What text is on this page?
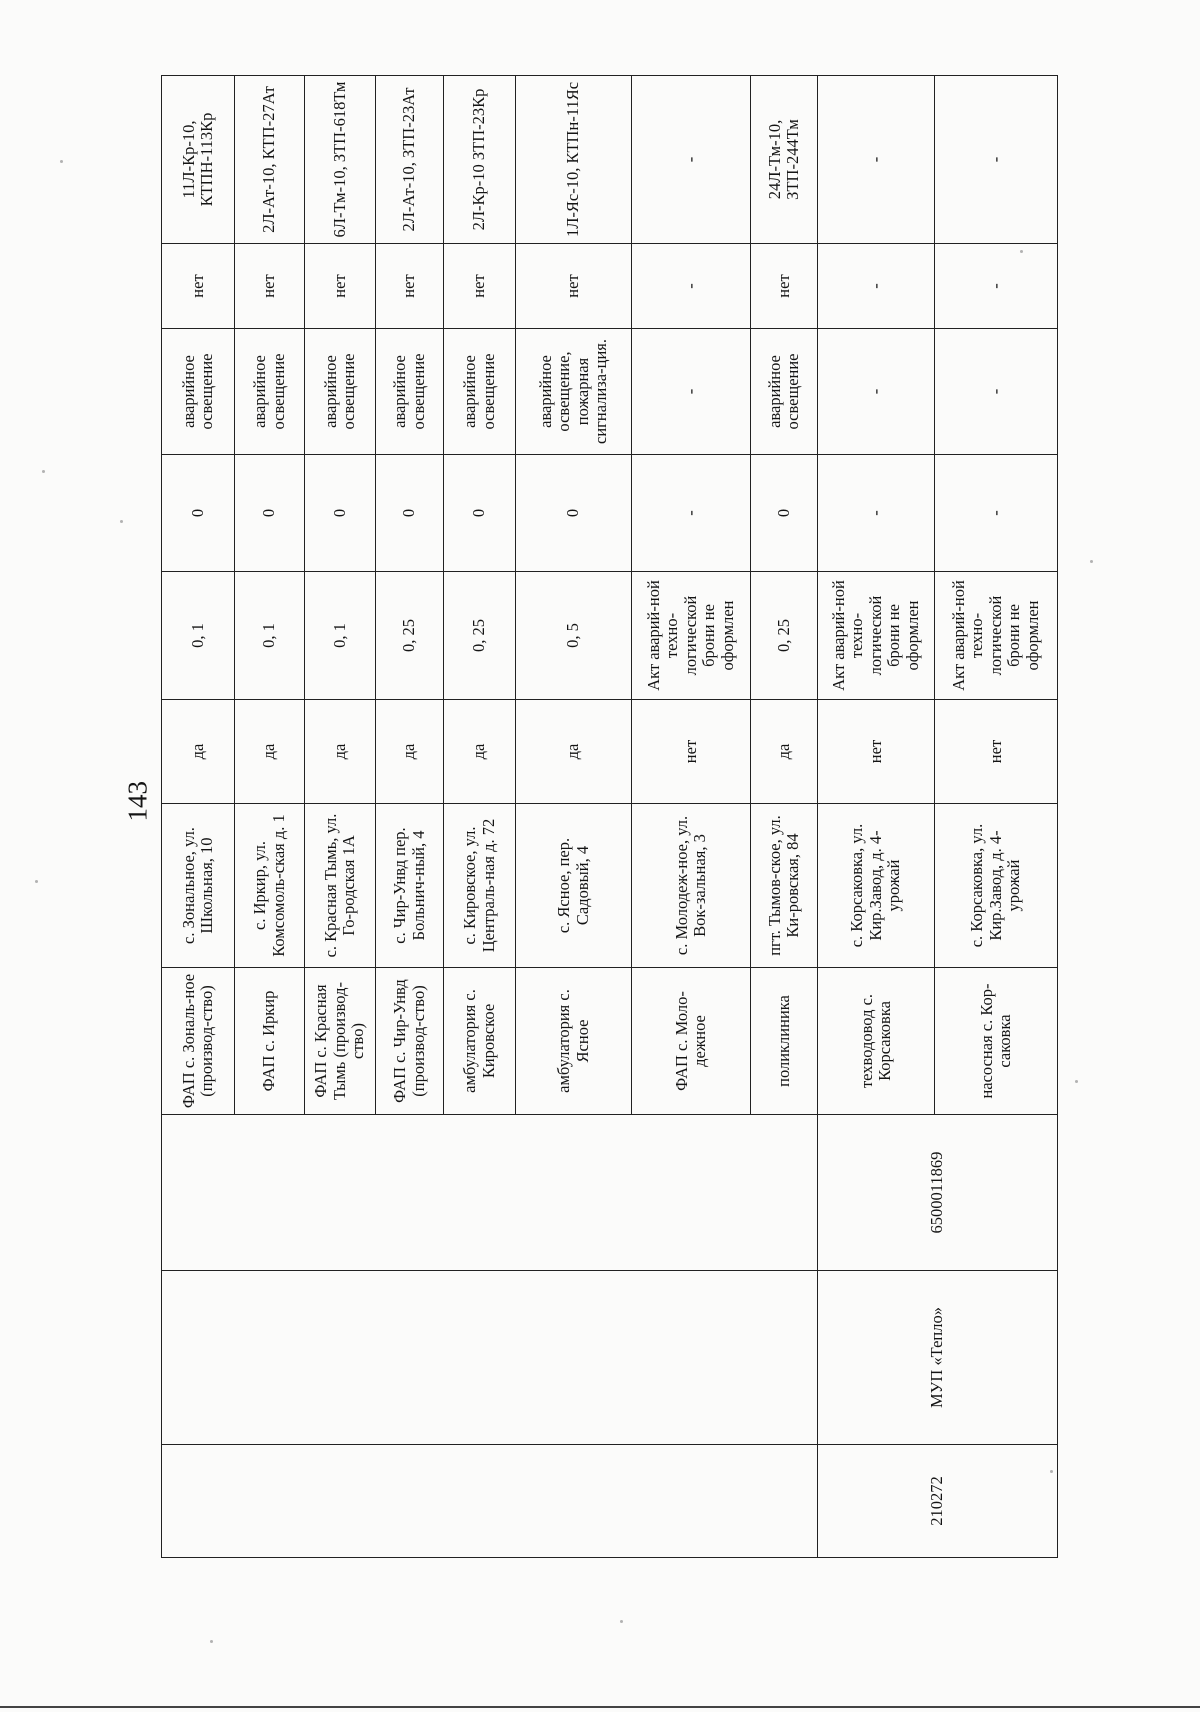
143
			ФАП с. Зональ-ное (производ-ство)	с. Зональное, ул. Школьная, 10	да	0, 1	0	аварийное освещение	нет	11Л-Кр-10, КТПН-113Кр
			ФАП с. Иркир	с. Иркир, ул. Комсомоль-ская д. 1	да	0, 1	0	аварийное освещение	нет	2Л-Ат-10, КТП-27Ат
			ФАП с. Красная Тымь (производ-ство)	с. Красная Тымь, ул. Го-родская 1А	да	0, 1	0	аварийное освещение	нет	6Л-Тм-10, ЗТП-618Тм
			ФАП с. Чир-Унвд (производ-ство)	с. Чир-Унвд пер. Больнич-ный, 4	да	0, 25	0	аварийное освещение	нет	2Л-Ат-10, ЗТП-23Ат
			амбулатория с. Кировское	с. Кировское, ул. Централь-ная д. 72	да	0, 25	0	аварийное освещение	нет	2Л-Кр-10 ЗТП-23Кр
			амбулатория с. Ясное	с. Ясное, пер. Садовый, 4	да	0, 5	0	аварийное освещение, пожарная сигнализа-ция.	нет	1Л-Яс-10, КТПн-11Яс
			ФАП с. Моло-дежное	с. Молодеж-ное, ул. Вок-зальная, 3	нет	Акт аварий-ной техно-логической брони не оформлен	-	-	-	-
			поликлиника	пгт. Тымов-ское, ул. Ки-ровская, 84	да	0, 25	0	аварийное освещение	нет	24Л-Тм-10, ЗТП-244Тм
210272	МУП «Тепло»	6500011869	техводовод с. Корсаковка	с. Корсаковка, ул. Кир.Завод, д. 4-урожай	нет	Акт аварий-ной техно-логической брони не оформлен	-	-	-	-
			насосная с. Кор-саковка	с. Корсаковка, ул. Кир.Завод, д. 4-урожай	нет	Акт аварий-ной техно-логической брони не оформлен	-	-	-	-
